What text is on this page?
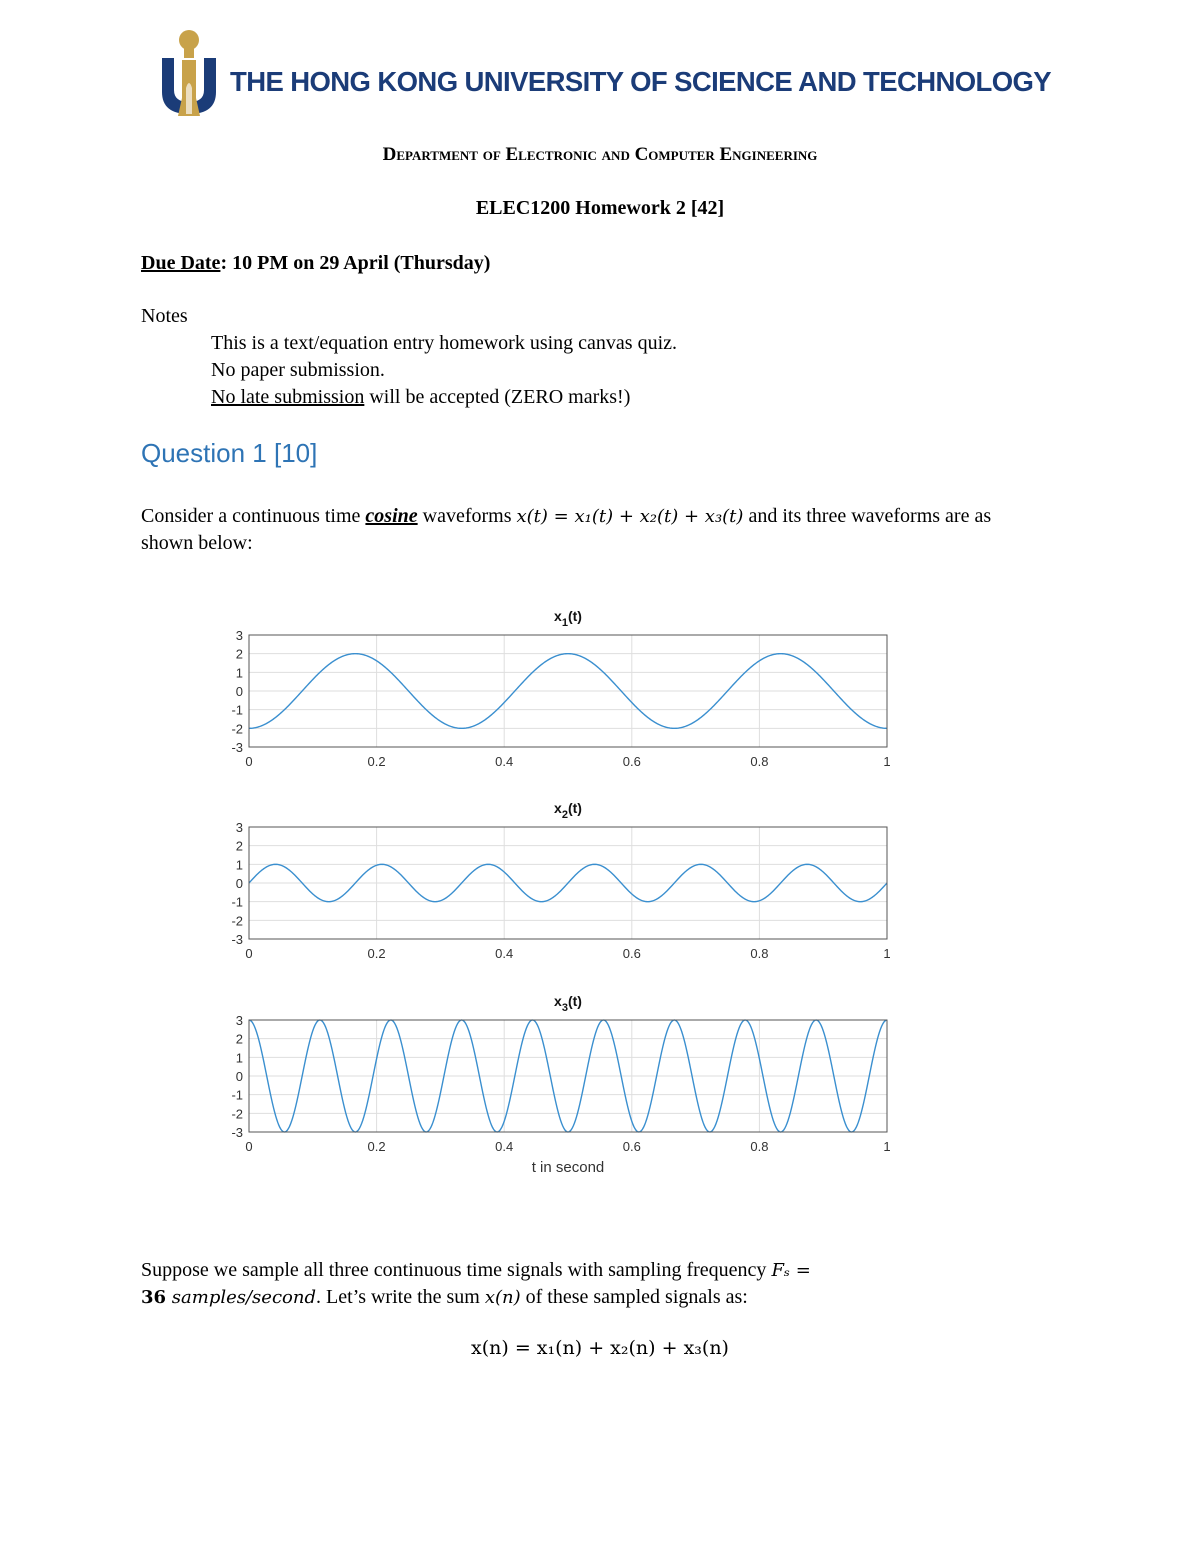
THE HONG KONG UNIVERSITY OF SCIENCE AND TECHNOLOGY
Department of Electronic and Computer Engineering
ELEC1200 Homework 2 [42]
Due Date: 10 PM on 29 April (Thursday)
Notes
This is a text/equation entry homework using canvas quiz.
No paper submission.
No late submission will be accepted (ZERO marks!)
Question 1 [10]
Consider a continuous time cosine waveforms x(t) = x₁(t) + x₂(t) + x₃(t) and its three waveforms are as shown below:
$x_1(t)$
0	0.2	0.4	0.6	0.8	1
3
2
1
0
-1
-2
-3
$x_2(t)$
0	0.2	0.4	0.6	0.8	1
3
2
1
0
-1
-2
-3
$x_3(t)$
0	0.2	0.4	0.6	0.8	1
3
2
1
0
-1
-2
-3
t in second
Suppose we sample all three continuous time signals with sampling frequency Fₛ =
36 samples/second. Let’s write the sum x(n) of these sampled signals as:
x(n) = x₁(n) + x₂(n) + x₃(n)
